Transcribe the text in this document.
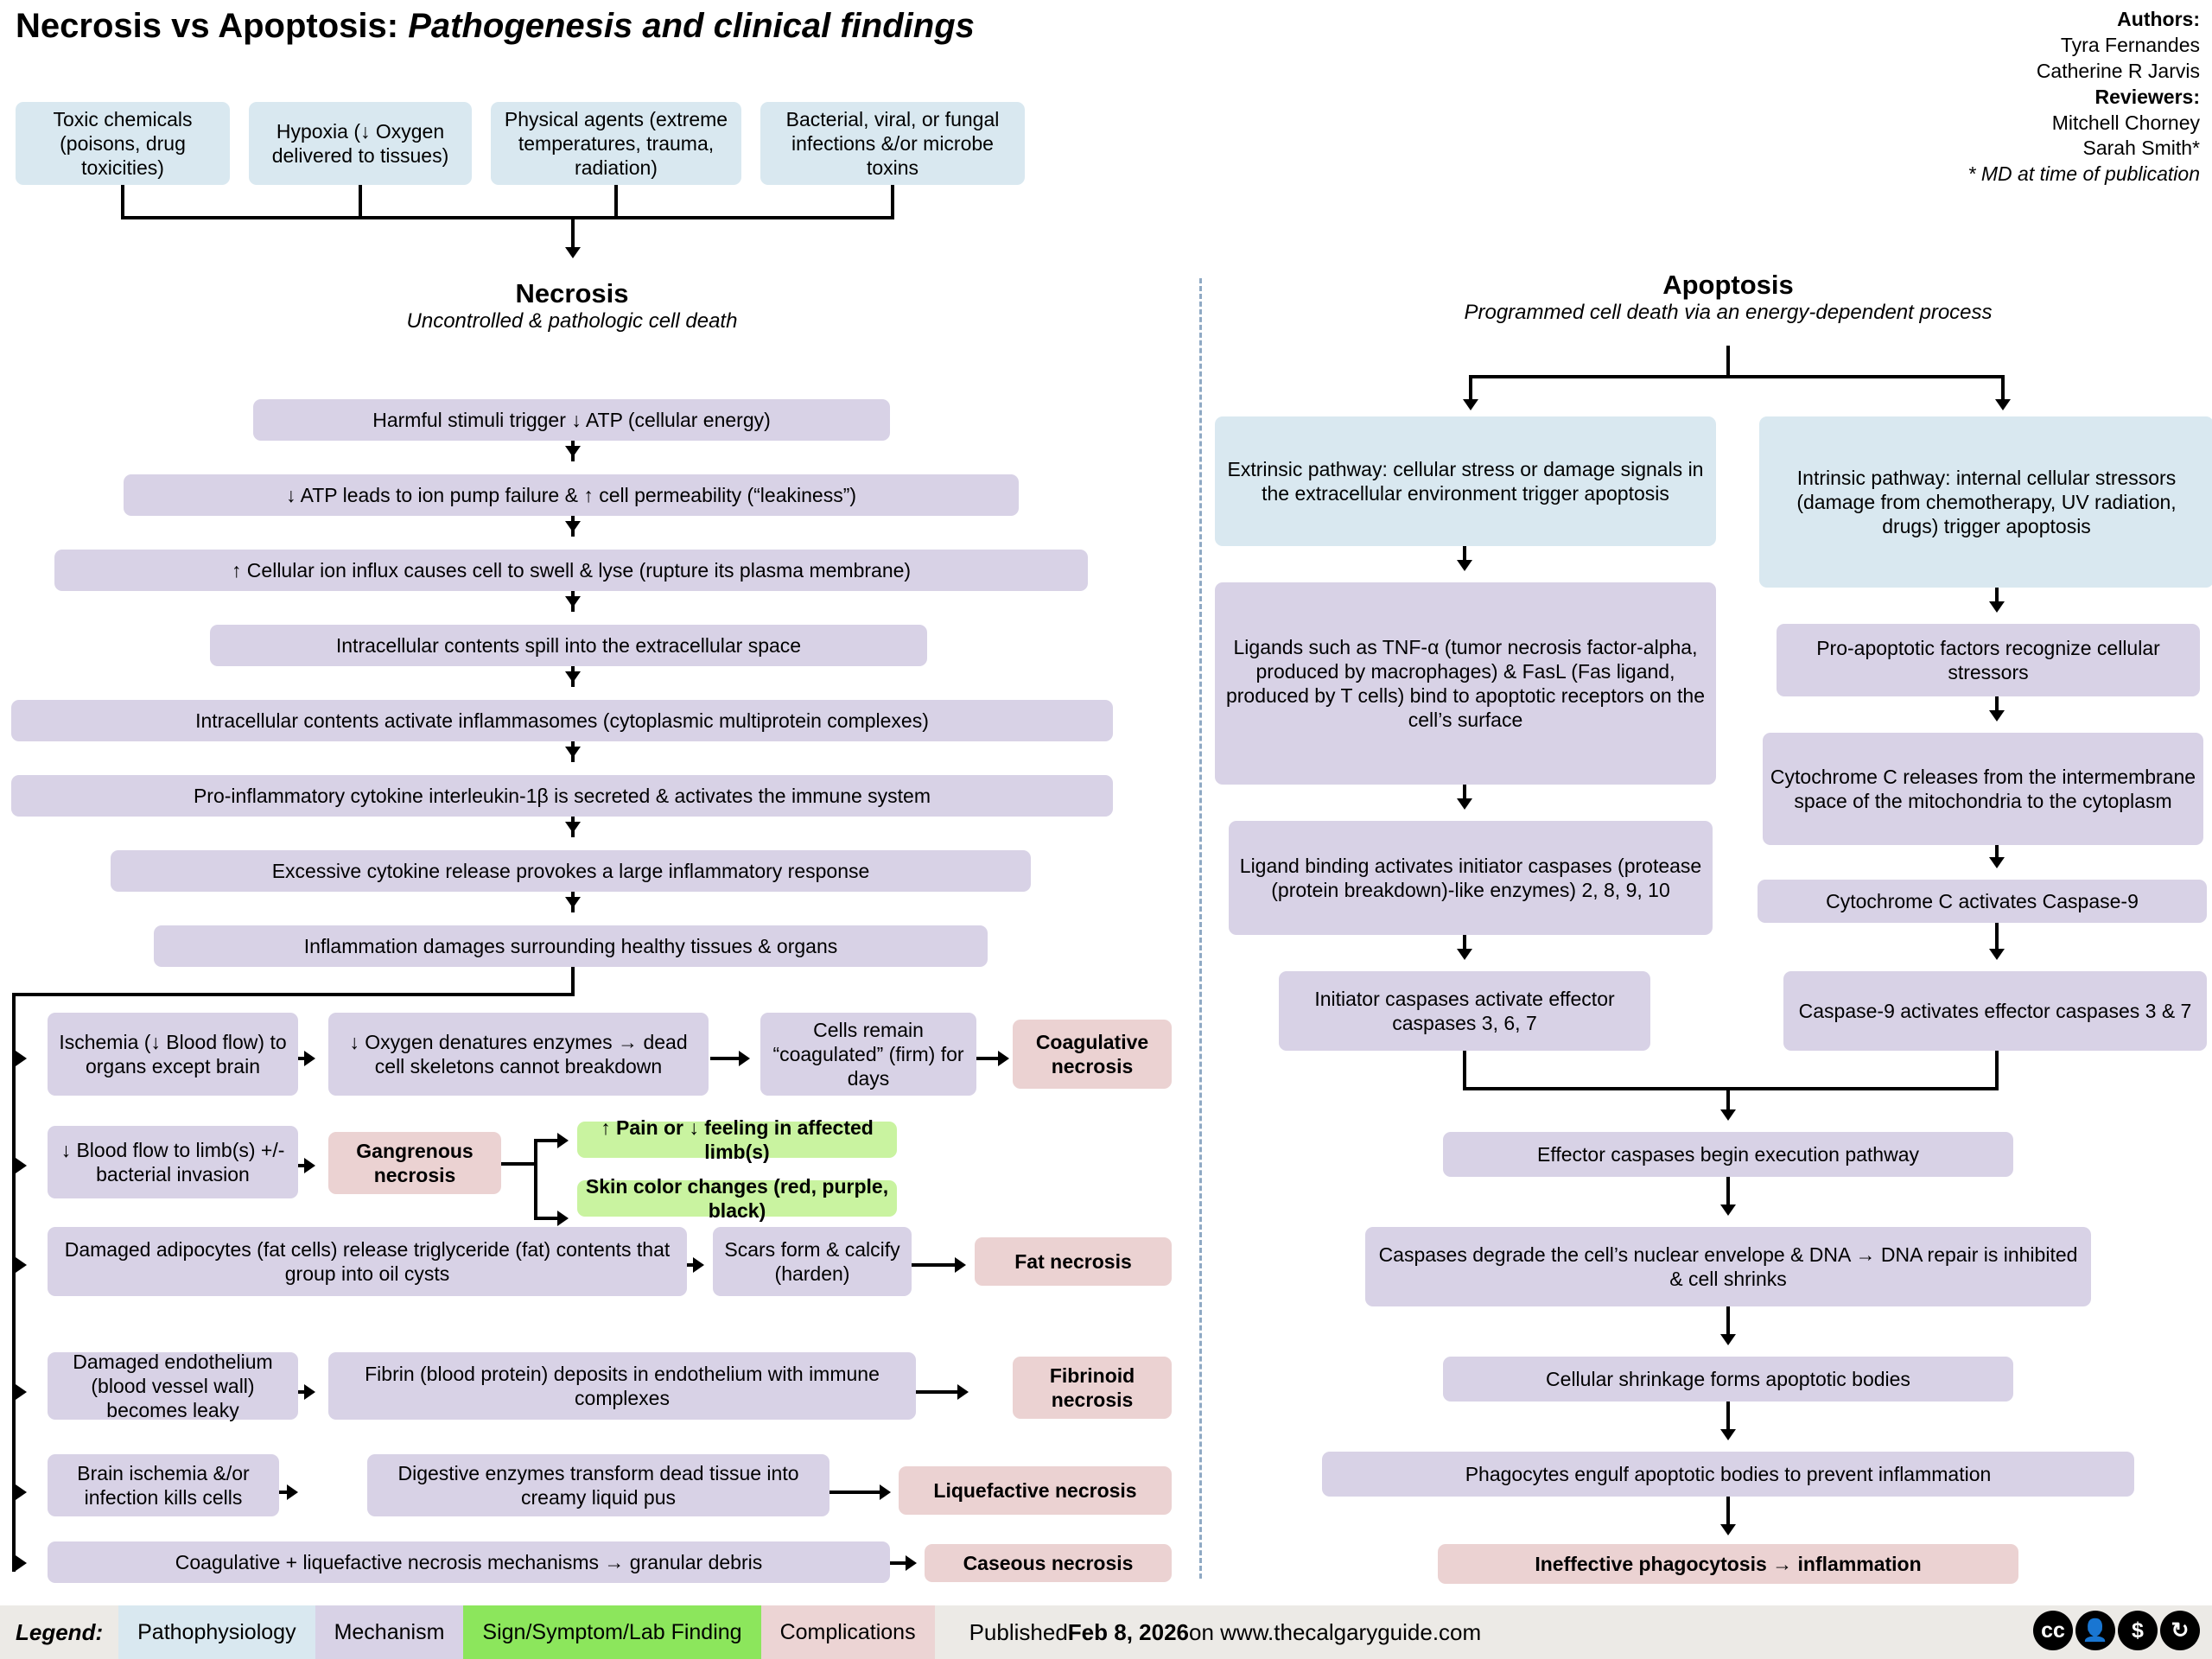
Necrosis vs Apoptosis: Pathogenesis and clinical findings	Authors:
Tyra Fernandes
Catherine R Jarvis
Reviewers:
Mitchell Chorney
Sarah Smith*
* MD at time of publication
Toxic chemicals (poisons, drug toxicities)
Hypoxia (↓ Oxygen delivered to tissues)
Physical agents (extreme temperatures, trauma, radiation)
Bacterial, viral, or fungal infections &/or microbe toxins
Necrosis
Uncontrolled & pathologic cell death
Harmful stimuli trigger ↓ ATP (cellular energy)
↓ ATP leads to ion pump failure & ↑ cell permeability (“leakiness”)
↑ Cellular ion influx causes cell to swell & lyse (rupture its plasma membrane)
Intracellular contents spill into the extracellular space
Intracellular contents activate inflammasomes (cytoplasmic multiprotein complexes)
Pro-inflammatory cytokine interleukin-1β is secreted & activates the immune system
Excessive cytokine release provokes a large inflammatory response
Inflammation damages surrounding healthy tissues & organs
Ischemia (↓ Blood flow) to organs except brain
↓ Oxygen denatures enzymes → dead cell skeletons cannot breakdown
Cells remain “coagulated” (firm) for days
Coagulative necrosis
↓ Blood flow to limb(s) +/- bacterial invasion
Gangrenous necrosis
↑ Pain or ↓ feeling in affected limb(s)
Skin color changes (red, purple, black)
Damaged adipocytes (fat cells) release triglyceride (fat) contents that group into oil cysts
Scars form & calcify (harden)
Fat necrosis
Damaged endothelium (blood vessel wall) becomes leaky
Fibrin (blood protein) deposits in endothelium with immune complexes
Fibrinoid necrosis
Brain ischemia &/or infection kills cells
Digestive enzymes transform dead tissue into creamy liquid pus	Liquefactive necrosis
Coagulative + liquefactive necrosis mechanisms → granular debris	Caseous necrosis
Apoptosis
Programmed cell death via an energy-dependent process
Extrinsic pathway: cellular stress or damage signals in the extracellular environment trigger apoptosis
Ligands such as TNF-α (tumor necrosis factor-alpha, produced by macrophages) & FasL (Fas ligand, produced by T cells) bind to apoptotic receptors on the cell’s surface
Ligand binding activates initiator caspases (protease (protein breakdown)-like enzymes) 2, 8, 9, 10
Initiator caspases activate effector caspases 3, 6, 7
Intrinsic pathway: internal cellular stressors (damage from chemotherapy, UV radiation, drugs) trigger apoptosis
Pro-apoptotic factors recognize cellular stressors
Cytochrome C releases from the intermembrane space of the mitochondria to the cytoplasm
Cytochrome C activates Caspase-9
Caspase-9 activates effector caspases 3 & 7
Effector caspases begin execution pathway
Caspases degrade the cell’s nuclear envelope & DNA → DNA repair is inhibited & cell shrinks
Cellular shrinkage forms apoptotic bodies
Phagocytes engulf apoptotic bodies to prevent inflammation
Ineffective phagocytosis → inflammation
Legend:	Pathophysiology	Mechanism	Sign/Symptom/Lab Finding	Complications	Published Feb 8, 2026 on www.thecalgaryguide.com	cc 👤	$	↻
